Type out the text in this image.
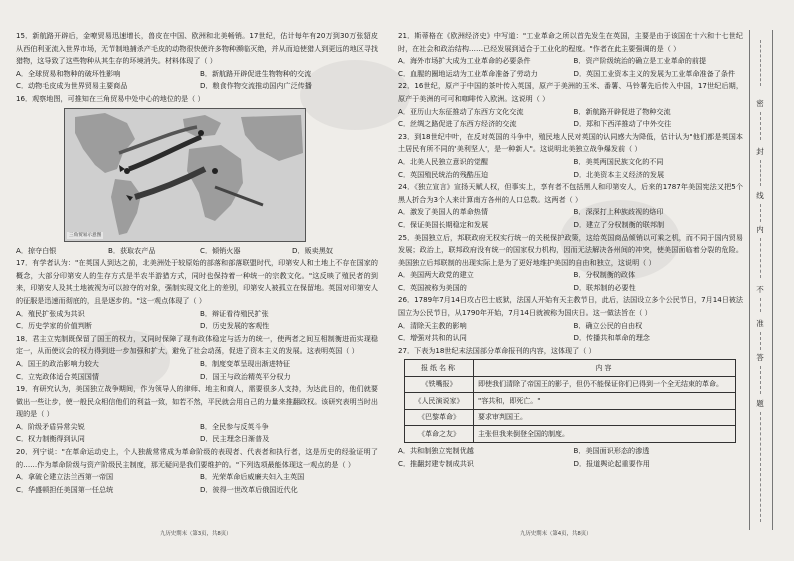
15．新航路开辟后，金嘹贸易迅速增长，兽皮在中国、欧洲和北美畅销。17世纪，估计每年有20万到30万张貂皮从西伯利亚流入世界市场，无节制地捕杀产毛皮的动物很快使许多物种濒临灭绝，并从而迫使猎人到更远的地区寻找猎物，这导致了这些物种从其生存的环境消失。材料体现了（ ）
A．全球贸易和物种的破坏性影响	B．新航路开辟促进生物物种的交流
C．动物毛皮成为世界贸易主要商品	D．粮食作物交流推动国内广泛传播
16．观察地图，可推知在三角贸易中处中心的地位的是（ ）
三角贸易示意图
A．掠夺白银	B．获取农产品	C．倾销火器	D．贩卖黑奴
17．有学者认为："在英国人到达之前，北美洲处于较原始的部落和部落联盟时代，印第安人和土地上不存在国家的概念，大部分印第安人的生存方式是半农半游猎方式，同时也保持着一种统一的宗教文化。"这反映了殖民者的到来，印第安人及其土地被视为可以掠夺的对象，强制实现文化上的差别，印第安人被孤立在保留地。英国对印第安人的征服是迅速而彻底的，且是逐步的。"这一观点体现了（ ）
A．殖民扩张成为共识	B．辩证看待殖民扩张
C．历史学家的价值判断	D．历史发展的客观性
18．君主立宪制既保留了国王的权力，又同时保障了现有政体稳定与活力的统一，使两者之间互相制衡进而实现稳定一，从而使议会的权力得到进一步加强和扩大，避免了社会动荡，促进了资本主义的发展。这表明英国（ ）
A．国王的政治影响力较大	B．制度变革呈现出渐进特征
C．立宪政体适合英国国情	D．国王与政治精英平分权力
19．有研究认为，美国独立战争期间，作为领导人的律师、地主和商人，需要很多人支持，为达此目的，他们就要做出一些让步，使一般民众相信他们的利益一致，如若不然，平民就会用自己的力量来推翻政权。该研究表明当时出现的是（ ）
A．阶级矛盾异常尖锐	B．全民参与反英斗争
C．权力制衡得到认同	D．民主理念日渐普及
20．列宁说："在革命运动史上，个人独裁常常成为革命阶级的表现者、代表者和执行者，这是历史的经验证明了的……作为革命阶级与资产阶级民主制度，那无疑问是我们要维护的。"下列选项最能体现这一观点的是（ ）
A．拿破仑建立法兰西第一帝国	B．光荣革命后威廉夫妇入主英国
C．华盛顿担任美国第一任总统	D．彼得一世改革后俄国近代化
九历史期末（第3页，共8页）
21．斯蒂格在《欧洲经济史》中写道："工业革命之所以首先发生在英国，主要是由于该国在十六和十七世纪时，在社会和政治结构……已经发展到适合于工业化的程度。"作者在此主要强调的是（ ）
A．海外市场扩大成为工业革命的必要条件	B．资产阶级统治的确立是工业革命的前提
C．血腥的圈地运动为工业革命准备了劳动力	D．英国工业资本主义的发展为工业革命准备了条件
22．16世纪，原产于中国的茶叶传入英国，原产于美洲的玉米、番薯、马铃薯先后传入中国，17世纪后期，原产于美洲的可可和咖啡传入欧洲。这说明（ ）
A．亚历山大东征推动了东西方文化交流	B．新航路开辟促进了物种交流
C．丝绸之路促进了东西方经济的交流	D．郑和下西洋推动了中外交往
23．到18世纪中叶，在反对英国的斗争中，殖民地人民对英国的认同感大为降低，估计认为"他们都是英国本土居民有所不同的'美利坚人'，是一种新人"。这说明北美独立战争爆发前（ ）
A．北美人民独立意识的觉醒	B．美英两国民族文化的不同
C．英国殖民统治的残酷压迫	D．北美资本主义经济的发展
24．《独立宣言》宣扬天赋人权，但事实上，享有者不包括黑人和印第安人，后来的1787年美国宪法又把5个黑人折合为3个人来计算南方各州的人口总数。这两者（ ）
A．激发了美国人的革命热情	B．深深打上种族歧视的烙印
C．保证美国长期稳定和发展	D．建立了分权制衡的联邦制
25．美国独立后，邦联政府无权实行统一的关税保护政策，这给英国商品倾销以可乘之机，而不同于国内贸易发展；政治上，联邦政府没有统一的国家权力机构，因而无法解决各州间的冲突，使美国面临着分裂的危险。美国独立后邦联制的出现实际上是为了更好地维护美国的自由和独立，这说明（ ）
A．美国两大政党的建立	B．分权制衡的政体
C．英国被称为美国的	D．联邦制的必要性
26．1789年7月14日攻占巴士底狱，法国人开始有天主教节日，此后，法国设立多个公民节日，7月14日被法国立为公民节日，从1790年开始，7月14日就被称为国庆日。这一做法旨在（ ）
A．清除天主教的影响	B．确立公民的自由权
C．增强对共和的认同	D．传播共和革命的理念
27．下表为18世纪末法国部分革命报刊的内容，这体现了（ ）
报纸名称	内容
《铁嘴报》	即使我们清除了帝国王的影子，但仍不能保证你们已得到一个全无结束的革命。
《人民演说家》	"容共和，即死亡。"
《巴黎革命》	要求审判国王。
《革命之友》	主张但我来倒登全国的制度。
A．共和制独立宪制优越	B．美国面识形态的渗透
C．推翻封建专制成共识	D．报道舆论起重要作用
九历史期末（第4页，共8页）
密
封
线
内
不
准
答
题
